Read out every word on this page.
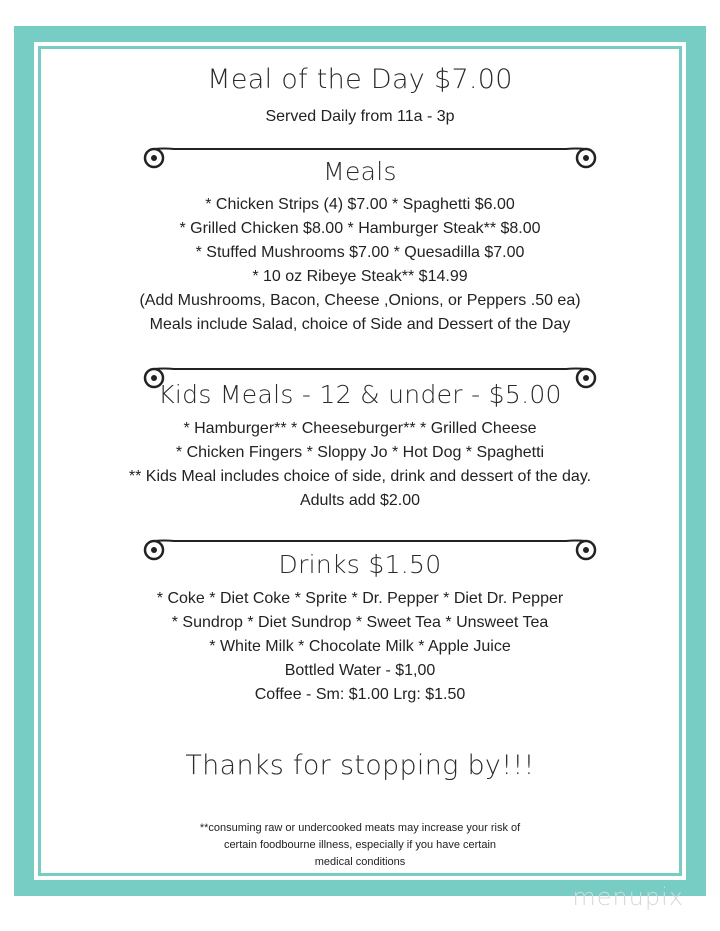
Meal of the Day $7.00
Served Daily from 11a - 3p
Meals
* Chicken Strips (4) $7.00 * Spaghetti $6.00
* Grilled Chicken $8.00 * Hamburger Steak** $8.00
* Stuffed Mushrooms $7.00 * Quesadilla $7.00
* 10 oz Ribeye Steak** $14.99
(Add Mushrooms, Bacon, Cheese ,Onions, or Peppers .50 ea)
Meals include Salad, choice of Side and Dessert of the Day
Kids Meals - 12 & under - $5.00
* Hamburger** * Cheeseburger** * Grilled Cheese
* Chicken Fingers * Sloppy Jo * Hot Dog * Spaghetti
** Kids Meal includes choice of side, drink and dessert of the day.
Adults add $2.00
Drinks $1.50
* Coke * Diet Coke * Sprite * Dr. Pepper * Diet Dr. Pepper
* Sundrop * Diet Sundrop * Sweet Tea * Unsweet Tea
* White Milk * Chocolate Milk * Apple Juice
Bottled Water - $1,00
Coffee - Sm: $1.00 Lrg: $1.50
Thanks for stopping by!!!
**consuming raw or undercooked meats may increase your risk of
certain foodbourne illness, especially if you have certain
medical conditions
menupix
